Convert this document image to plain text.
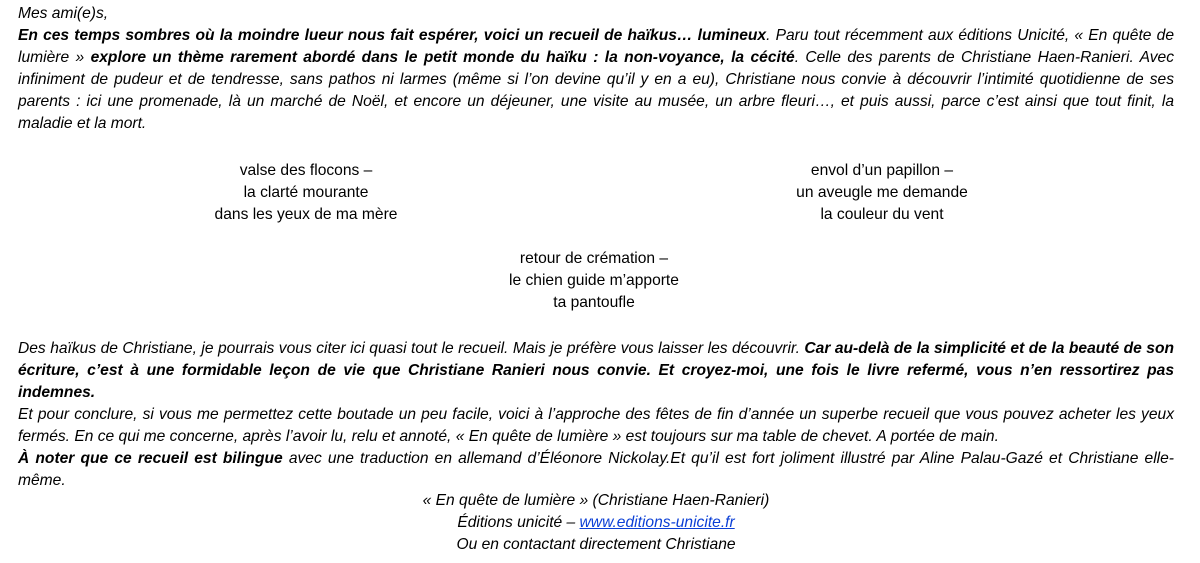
Mes ami(e)s,

En ces temps sombres où la moindre lueur nous fait espérer, voici un recueil de haïkus… lumineux. Paru tout récemment aux éditions Unicité, « En quête de lumière » explore un thème rarement abordé dans le petit monde du haïku : la non-voyance, la cécité. Celle des parents de Christiane Haen-Ranieri. Avec infiniment de pudeur et de tendresse, sans pathos ni larmes (même si l’on devine qu’il y en a eu), Christiane nous convie à découvrir l’intimité quotidienne de ses parents : ici une promenade, là un marché de Noël, et encore un déjeuner, une visite au musée, un arbre fleuri…, et puis aussi, parce c’est ainsi que tout finit, la maladie et la mort.

valse des flocons –
la clarté mourante
dans les yeux de ma mère
envol d’un papillon –
un aveugle me demande
la couleur du vent
retour de crémation –
le chien guide m’apporte
ta pantoufle

Des haïkus de Christiane, je pourrais vous citer ici quasi tout le recueil. Mais je préfère vous laisser les découvrir. Car au-delà de la simplicité et de la beauté de son écriture, c’est à une formidable leçon de vie que Christiane Ranieri nous convie. Et croyez-moi, une fois le livre refermé, vous n’en ressortirez pas indemnes.

Et pour conclure, si vous me permettez cette boutade un peu facile, voici à l’approche des fêtes de fin d’année un superbe recueil que vous pouvez acheter les yeux fermés. En ce qui me concerne, après l’avoir lu, relu et annoté, « En quête de lumière » est toujours sur ma table de chevet. A portée de main.

À noter que ce recueil est bilingue avec une traduction en allemand d’Éléonore Nickolay.Et qu’il est fort joliment illustré par Aline Palau-Gazé et Christiane elle-même.

« En quête de lumière » (Christiane Haen-Ranieri)
Éditions unicité – www.editions-unicite.fr
Ou en contactant directement Christiane
